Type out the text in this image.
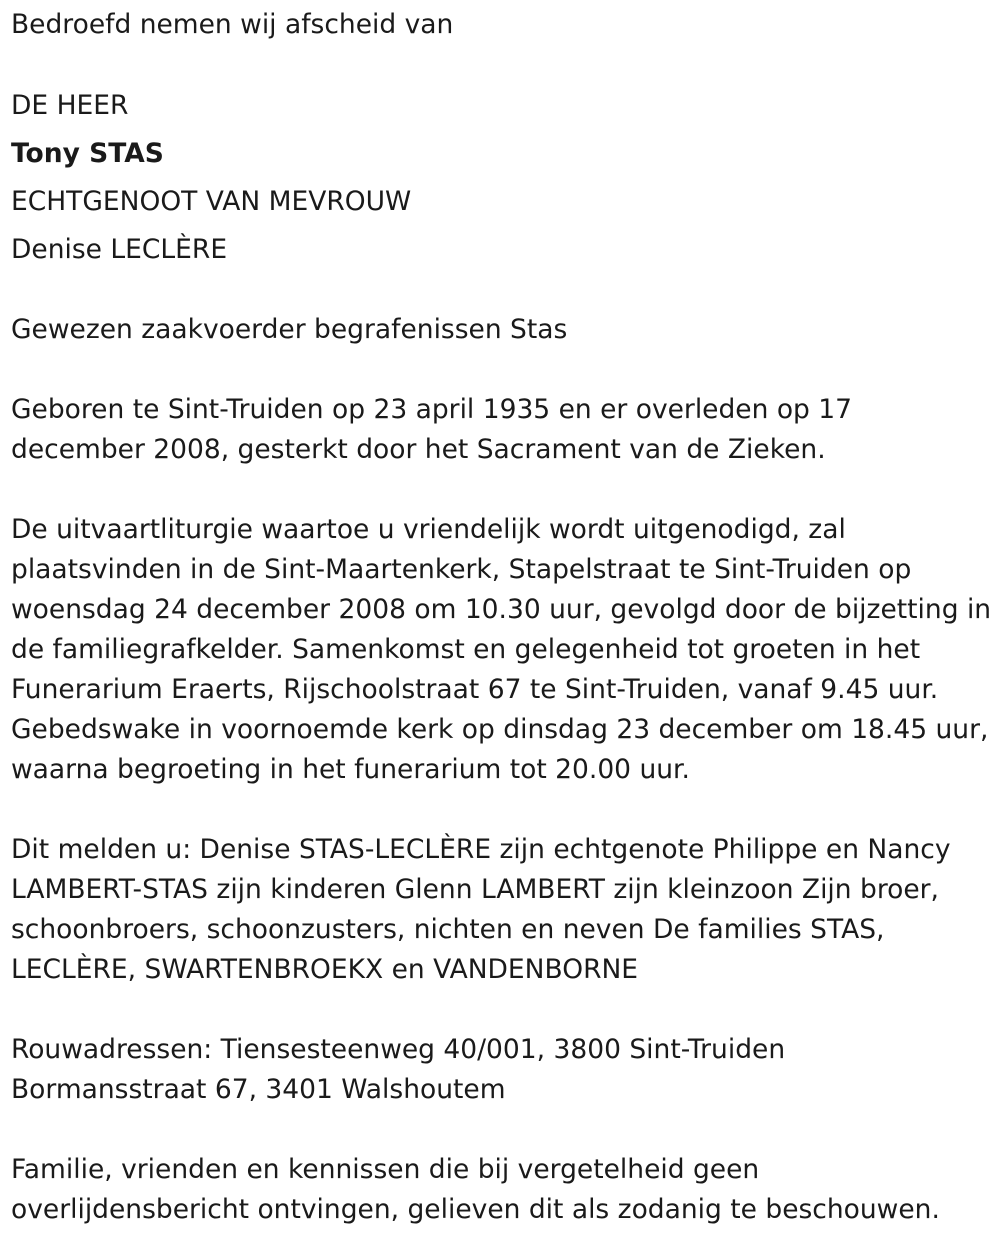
Bedroefd nemen wij afscheid van
DE HEER
Tony STAS
ECHTGENOOT VAN MEVROUW
Denise LECLÈRE
Gewezen zaakvoerder begrafenissen Stas
Geboren te Sint-Truiden op 23 april 1935 en er overleden op 17
december 2008, gesterkt door het Sacrament van de Zieken.
De uitvaartliturgie waartoe u vriendelijk wordt uitgenodigd, zal
plaatsvinden in de Sint-Maartenkerk, Stapelstraat te Sint-Truiden op
woensdag 24 december 2008 om 10.30 uur, gevolgd door de bijzetting in
de familiegrafkelder. Samenkomst en gelegenheid tot groeten in het
Funerarium Eraerts, Rijschoolstraat 67 te Sint-Truiden, vanaf 9.45 uur.
Gebedswake in voornoemde kerk op dinsdag 23 december om 18.45 uur,
waarna begroeting in het funerarium tot 20.00 uur.
Dit melden u: Denise STAS-LECLÈRE zijn echtgenote Philippe en Nancy
LAMBERT-STAS zijn kinderen Glenn LAMBERT zijn kleinzoon Zijn broer,
schoonbroers, schoonzusters, nichten en neven De families STAS,
LECLÈRE, SWARTENBROEKX en VANDENBORNE
Rouwadressen: Tiensesteenweg 40/001, 3800 Sint-Truiden
Bormansstraat 67, 3401 Walshoutem
Familie, vrienden en kennissen die bij vergetelheid geen
overlijdensbericht ontvingen, gelieven dit als zodanig te beschouwen.
